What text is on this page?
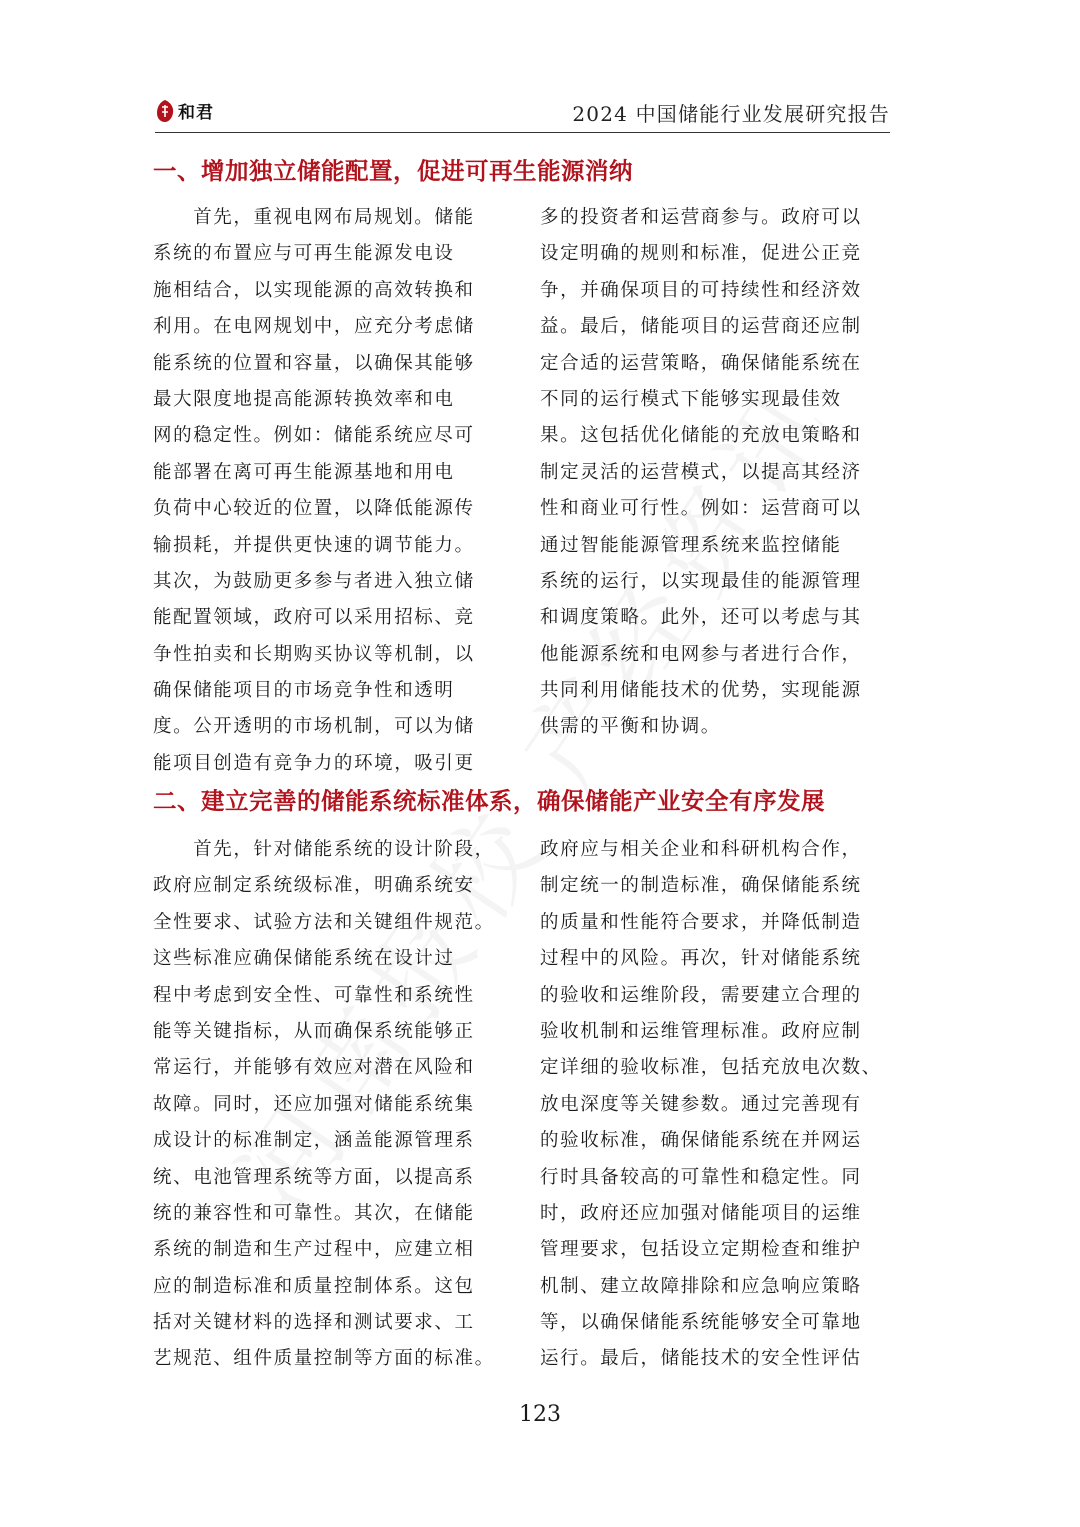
和君	2024 中国储能行业发展研究报告
一、增加独立储能配置，促进可再生能源消纳
　　首先，重视电网布局规划。储能
系统的布置应与可再生能源发电设
施相结合，以实现能源的高效转换和
利用。在电网规划中，应充分考虑储
能系统的位置和容量，以确保其能够
最大限度地提高能源转换效率和电
网的稳定性。例如：储能系统应尽可
能部署在离可再生能源基地和用电
负荷中心较近的位置，以降低能源传
输损耗，并提供更快速的调节能力。
其次，为鼓励更多参与者进入独立储
能配置领域，政府可以采用招标、竞
争性拍卖和长期购买协议等机制，以
确保储能项目的市场竞争性和透明
度。公开透明的市场机制，可以为储
能项目创造有竞争力的环境，吸引更
多的投资者和运营商参与。政府可以
设定明确的规则和标准，促进公正竞
争，并确保项目的可持续性和经济效
益。最后，储能项目的运营商还应制
定合适的运营策略，确保储能系统在
不同的运行模式下能够实现最佳效
果。这包括优化储能的充放电策略和
制定灵活的运营模式，以提高其经济
性和商业可行性。例如：运营商可以
通过智能能源管理系统来监控储能
系统的运行，以实现最佳的能源管理
和调度策略。此外，还可以考虑与其
他能源系统和电网参与者进行合作，
共同利用储能技术的优势，实现能源
供需的平衡和协调。
二、建立完善的储能系统标准体系，确保储能产业安全有序发展
　　首先，针对储能系统的设计阶段，
政府应制定系统级标准，明确系统安
全性要求、试验方法和关键组件规范。
这些标准应确保储能系统在设计过
程中考虑到安全性、可靠性和系统性
能等关键指标，从而确保系统能够正
常运行，并能够有效应对潜在风险和
故障。同时，还应加强对储能系统集
成设计的标准制定，涵盖能源管理系
统、电池管理系统等方面，以提高系
统的兼容性和可靠性。其次，在储能
系统的制造和生产过程中，应建立相
应的制造标准和质量控制体系。这包
括对关键材料的选择和测试要求、工
艺规范、组件质量控制等方面的标准。
政府应与相关企业和科研机构合作，
制定统一的制造标准，确保储能系统
的质量和性能符合要求，并降低制造
过程中的风险。再次，针对储能系统
的验收和运维阶段，需要建立合理的
验收机制和运维管理标准。政府应制
定详细的验收标准，包括充放电次数、
放电深度等关键参数。通过完善现有
的验收标准，确保储能系统在并网运
行时具备较高的可靠性和稳定性。同
时，政府还应加强对储能项目的运维
管理要求，包括设立定期检查和维护
机制、建立故障排除和应急响应策略
等，以确保储能系统能够安全可靠地
运行。最后，储能技术的安全性评估
123
